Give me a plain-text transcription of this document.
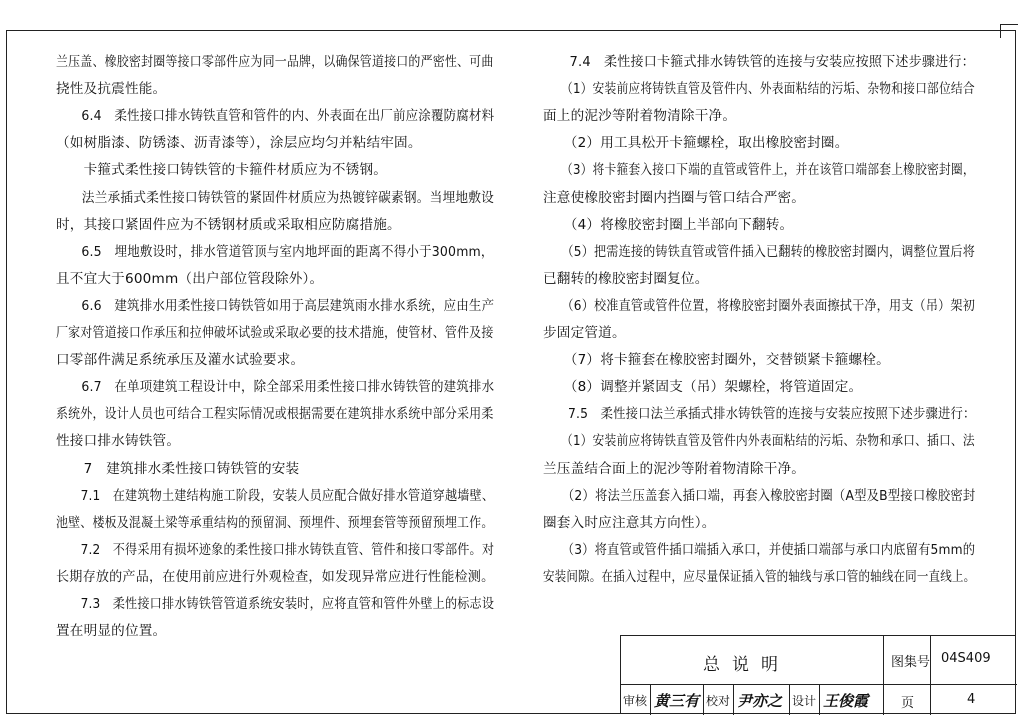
兰压盖、橡胶密封圈等接口零部件应为同一品牌，以确保管道接口的严密性、可曲
挠性及抗震性能。
　　6.4　柔性接口排水铸铁直管和管件的内、外表面在出厂前应涂覆防腐材料
（如树脂漆、防锈漆、沥青漆等），涂层应均匀并粘结牢固。
　　卡箍式柔性接口铸铁管的卡箍件材质应为不锈钢。
　　法兰承插式柔性接口铸铁管的紧固件材质应为热镀锌碳素钢。当埋地敷设
时，其接口紧固件应为不锈钢材质或采取相应防腐措施。
　　6.5　埋地敷设时，排水管道管顶与室内地坪面的距离不得小于300mm，
且不宜大于600mm（出户部位管段除外）。
　　6.6　建筑排水用柔性接口铸铁管如用于高层建筑雨水排水系统，应由生产
厂家对管道接口作承压和拉伸破坏试验或采取必要的技术措施，使管材、管件及接
口零部件满足系统承压及灌水试验要求。
　　6.7　在单项建筑工程设计中，除全部采用柔性接口排水铸铁管的建筑排水
系统外，设计人员也可结合工程实际情况或根据需要在建筑排水系统中部分采用柔
性接口排水铸铁管。
　　7　建筑排水柔性接口铸铁管的安装
　　7.1　在建筑物土建结构施工阶段，安装人员应配合做好排水管道穿越墙壁、
池壁、楼板及混凝土梁等承重结构的预留洞、预埋件、预埋套管等预留预埋工作。
　　7.2　不得采用有损坏迹象的柔性接口排水铸铁直管、管件和接口零部件。对
长期存放的产品，在使用前应进行外观检查，如发现异常应进行性能检测。
　　7.3　柔性接口排水铸铁管管道系统安装时，应将直管和管件外壁上的标志设
置在明显的位置。
　　7.4　柔性接口卡箍式排水铸铁管的连接与安装应按照下述步骤进行：
　　（1）安装前应将铸铁直管及管件内、外表面粘结的污垢、杂物和接口部位结合
面上的泥沙等附着物清除干净。
　　（2）用工具松开卡箍螺栓，取出橡胶密封圈。
　　（3）将卡箍套入接口下端的直管或管件上，并在该管口端部套上橡胶密封圈，
注意使橡胶密封圈内挡圈与管口结合严密。
　　（4）将橡胶密封圈上半部向下翻转。
　　（5）把需连接的铸铁直管或管件插入已翻转的橡胶密封圈内，调整位置后将
已翻转的橡胶密封圈复位。
　　（6）校准直管或管件位置，将橡胶密封圈外表面擦拭干净，用支（吊）架初
步固定管道。
　　（7）将卡箍套在橡胶密封圈外，交替锁紧卡箍螺栓。
　　（8）调整并紧固支（吊）架螺栓，将管道固定。
　　7.5　柔性接口法兰承插式排水铸铁管的连接与安装应按照下述步骤进行：
　　（1）安装前应将铸铁直管及管件内外表面粘结的污垢、杂物和承口、插口、法
兰压盖结合面上的泥沙等附着物清除干净。
　　（2）将法兰压盖套入插口端，再套入橡胶密封圈（A型及B型接口橡胶密封
圈套入时应注意其方向性）。
　　（3）将直管或管件插口端插入承口，并使插口端部与承口内底留有5mm的
安装间隙。在插入过程中，应尽量保证插入管的轴线与承口管的轴线在同一直线上。
总说明	图集号 04S409
审核 黄三有 校对 尹亦之 设计 王俊霞	页	4
